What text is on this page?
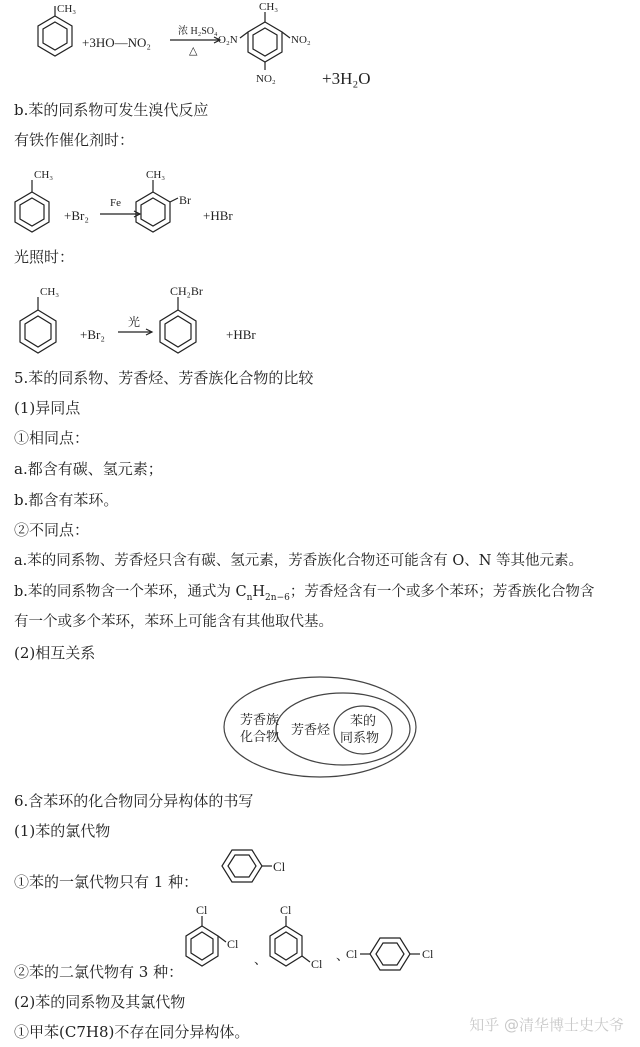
CH₃
+3HO—NO₂
浓 H₂SO₄
△
CH₃
O₂N	NO₂
NO₂	+3H₂O
b.苯的同系物可发生溴代反应
有铁作催化剂时：
CH₃
+Br₂
Fe
CH₃
Br
+HBr
光照时：
CH₃
+Br₂
光
CH₂Br
+HBr
5.苯的同系物、芳香烃、芳香族化合物的比较
(1)异同点
①相同点：
a.都含有碳、氢元素；
b.都含有苯环。
②不同点：
a.苯的同系物、芳香烃只含有碳、氢元素，芳香族化合物还可能含有 O、N 等其他元素。
b.苯的同系物含一个苯环，通式为 $C_nH_{2n-6}$；芳香烃含有一个或多个苯环；芳香族化合物含
有一个或多个苯环，苯环上可能含有其他取代基。
(2)相互关系
芳香族
化合物 芳香烃
苯的
同系物
6.含苯环的化合物同分异构体的书写
(1)苯的氯代物
Cl
①苯的一氯代物只有 1 种：
Cl
Cl
、
Cl
Cl
、
Cl	Cl
②苯的二氯代物有 3 种：
(2)苯的同系物及其氯代物
①甲苯(C7H8)不存在同分异构体。	知乎 @清华博士史大爷
